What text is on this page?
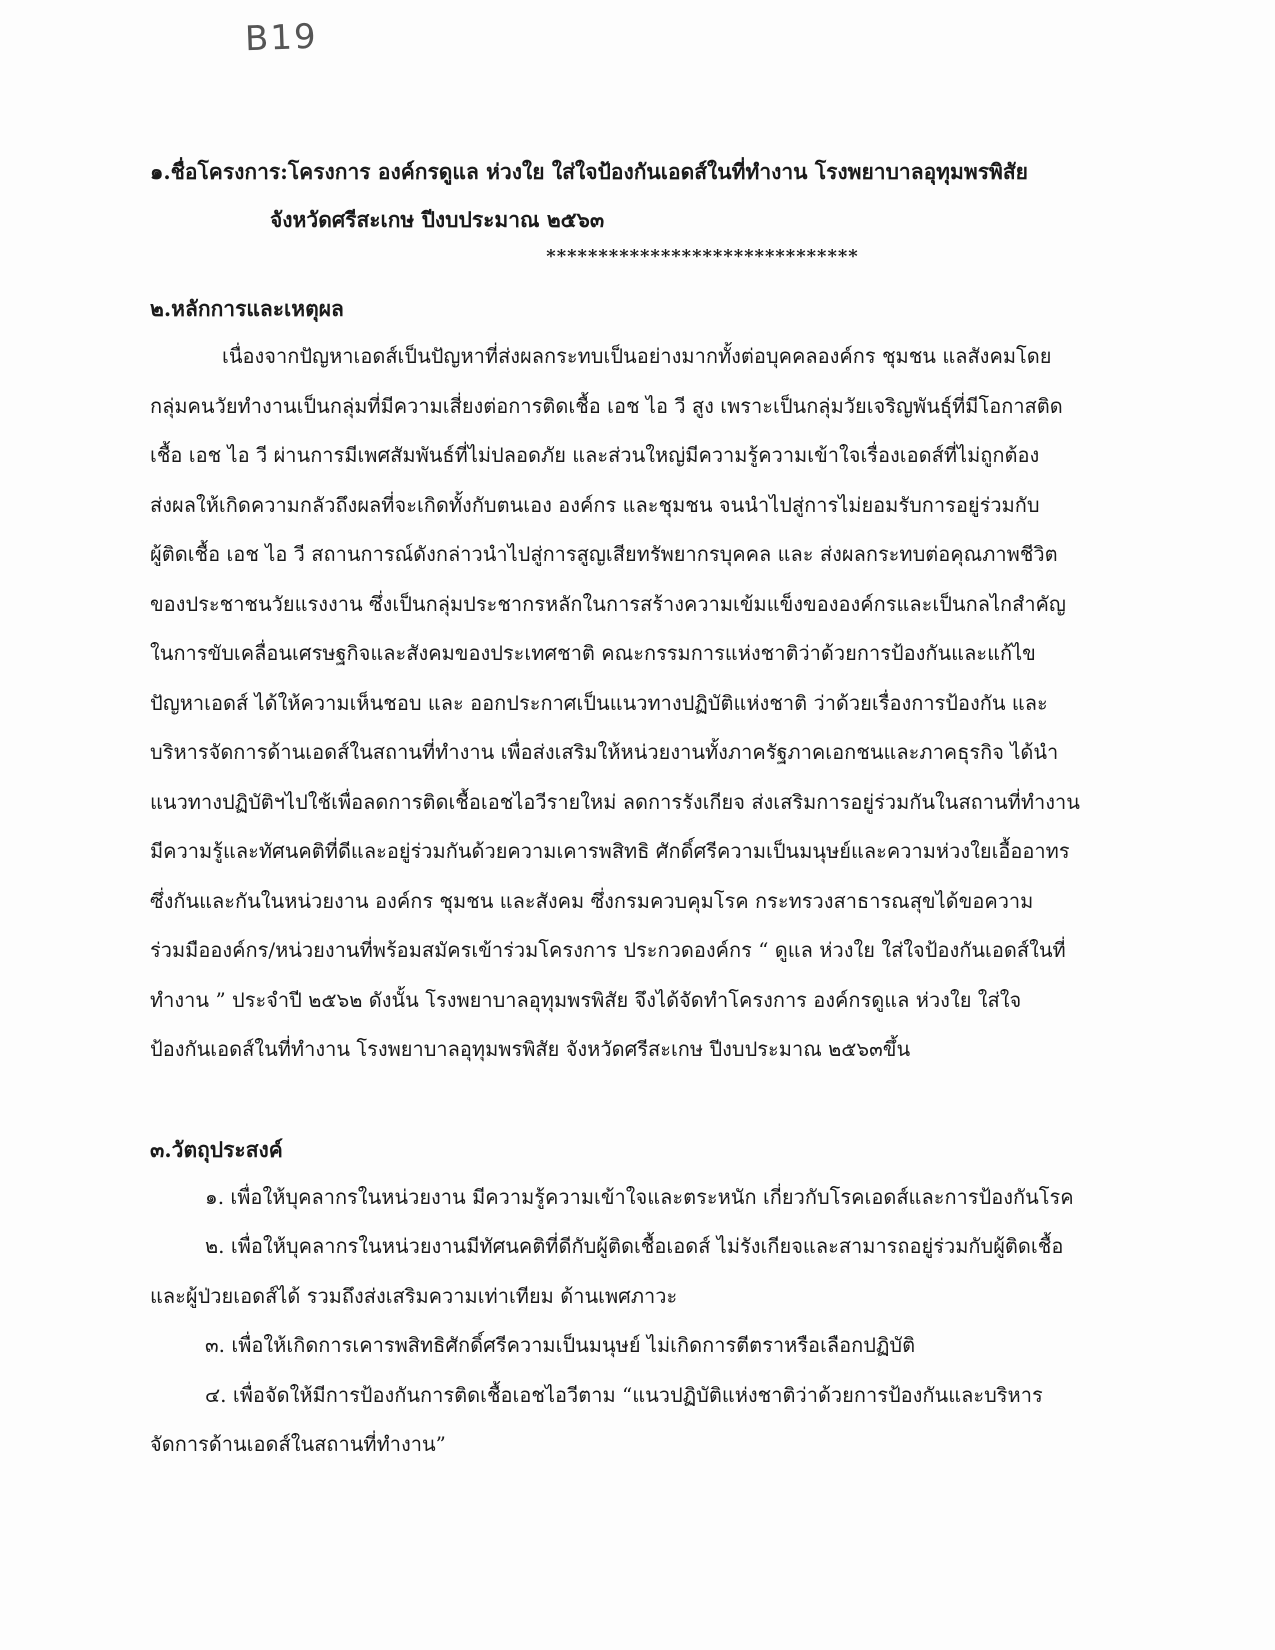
B19
๑.ชื่อโครงการ:โครงการ องค์กรดูแล ห่วงใย ใส่ใจป้องกันเอดส์ในที่ทำงาน โรงพยาบาลอุทุมพรพิสัย
จังหวัดศรีสะเกษ ปีงบประมาณ ๒๕๖๓
******************************
๒.หลักการและเหตุผล

เนื่องจากปัญหาเอดส์เป็นปัญหาที่ส่งผลกระทบเป็นอย่างมากทั้งต่อบุคคลองค์กร ชุมชน แลสังคมโดย
กลุ่มคนวัยทำงานเป็นกลุ่มที่มีความเสี่ยงต่อการติดเชื้อ เอช ไอ วี สูง เพราะเป็นกลุ่มวัยเจริญพันธุ์ที่มีโอกาสติด
เชื้อ เอช ไอ วี ผ่านการมีเพศสัมพันธ์ที่ไม่ปลอดภัย และส่วนใหญ่มีความรู้ความเข้าใจเรื่องเอดส์ที่ไม่ถูกต้อง
ส่งผลให้เกิดความกลัวถึงผลที่จะเกิดทั้งกับตนเอง องค์กร และชุมชน จนนำไปสู่การไม่ยอมรับการอยู่ร่วมกับ
ผู้ติดเชื้อ เอช ไอ วี สถานการณ์ดังกล่าวนำไปสู่การสูญเสียทรัพยากรบุคคล และ ส่งผลกระทบต่อคุณภาพชีวิต
ของประชาชนวัยแรงงาน ซึ่งเป็นกลุ่มประชากรหลักในการสร้างความเข้มแข็งขององค์กรและเป็นกลไกสำคัญ
ในการขับเคลื่อนเศรษฐกิจและสังคมของประเทศชาติ คณะกรรมการแห่งชาติว่าด้วยการป้องกันและแก้ไข
ปัญหาเอดส์ ได้ให้ความเห็นชอบ และ ออกประกาศเป็นแนวทางปฏิบัติแห่งชาติ ว่าด้วยเรื่องการป้องกัน และ
บริหารจัดการด้านเอดส์ในสถานที่ทำงาน เพื่อส่งเสริมให้หน่วยงานทั้งภาครัฐภาคเอกชนและภาคธุรกิจ ได้นำ
แนวทางปฏิบัติฯไปใช้เพื่อลดการติดเชื้อเอชไอวีรายใหม่ ลดการรังเกียจ ส่งเสริมการอยู่ร่วมกันในสถานที่ทำงาน
มีความรู้และทัศนคติที่ดีและอยู่ร่วมกันด้วยความเคารพสิทธิ ศักดิ์ศรีความเป็นมนุษย์และความห่วงใยเอื้ออาทร
ซึ่งกันและกันในหน่วยงาน องค์กร ชุมชน และสังคม ซึ่งกรมควบคุมโรค กระทรวงสาธารณสุขได้ขอความ
ร่วมมือองค์กร/หน่วยงานที่พร้อมสมัครเข้าร่วมโครงการ ประกวดองค์กร “ ดูแล ห่วงใย ใส่ใจป้องกันเอดส์ในที่
ทำงาน ” ประจำปี ๒๕๖๒ ดังนั้น โรงพยาบาลอุทุมพรพิสัย จึงได้จัดทำโครงการ องค์กรดูแล ห่วงใย ใส่ใจ
ป้องกันเอดส์ในที่ทำงาน โรงพยาบาลอุทุมพรพิสัย จังหวัดศรีสะเกษ ปีงบประมาณ ๒๕๖๓ขึ้น

๓.วัตถุประสงค์
๑. เพื่อให้บุคลากรในหน่วยงาน มีความรู้ความเข้าใจและตระหนัก เกี่ยวกับโรคเอดส์และการป้องกันโรค
๒. เพื่อให้บุคลากรในหน่วยงานมีทัศนคติที่ดีกับผู้ติดเชื้อเอดส์ ไม่รังเกียจและสามารถอยู่ร่วมกับผู้ติดเชื้อ
และผู้ป่วยเอดส์ได้ รวมถึงส่งเสริมความเท่าเทียม ด้านเพศภาวะ
๓. เพื่อให้เกิดการเคารพสิทธิศักดิ์ศรีความเป็นมนุษย์ ไม่เกิดการตีตราหรือเลือกปฏิบัติ
๔. เพื่อจัดให้มีการป้องกันการติดเชื้อเอชไอวีตาม “แนวปฏิบัติแห่งชาติว่าด้วยการป้องกันและบริหาร
จัดการด้านเอดส์ในสถานที่ทำงาน”
